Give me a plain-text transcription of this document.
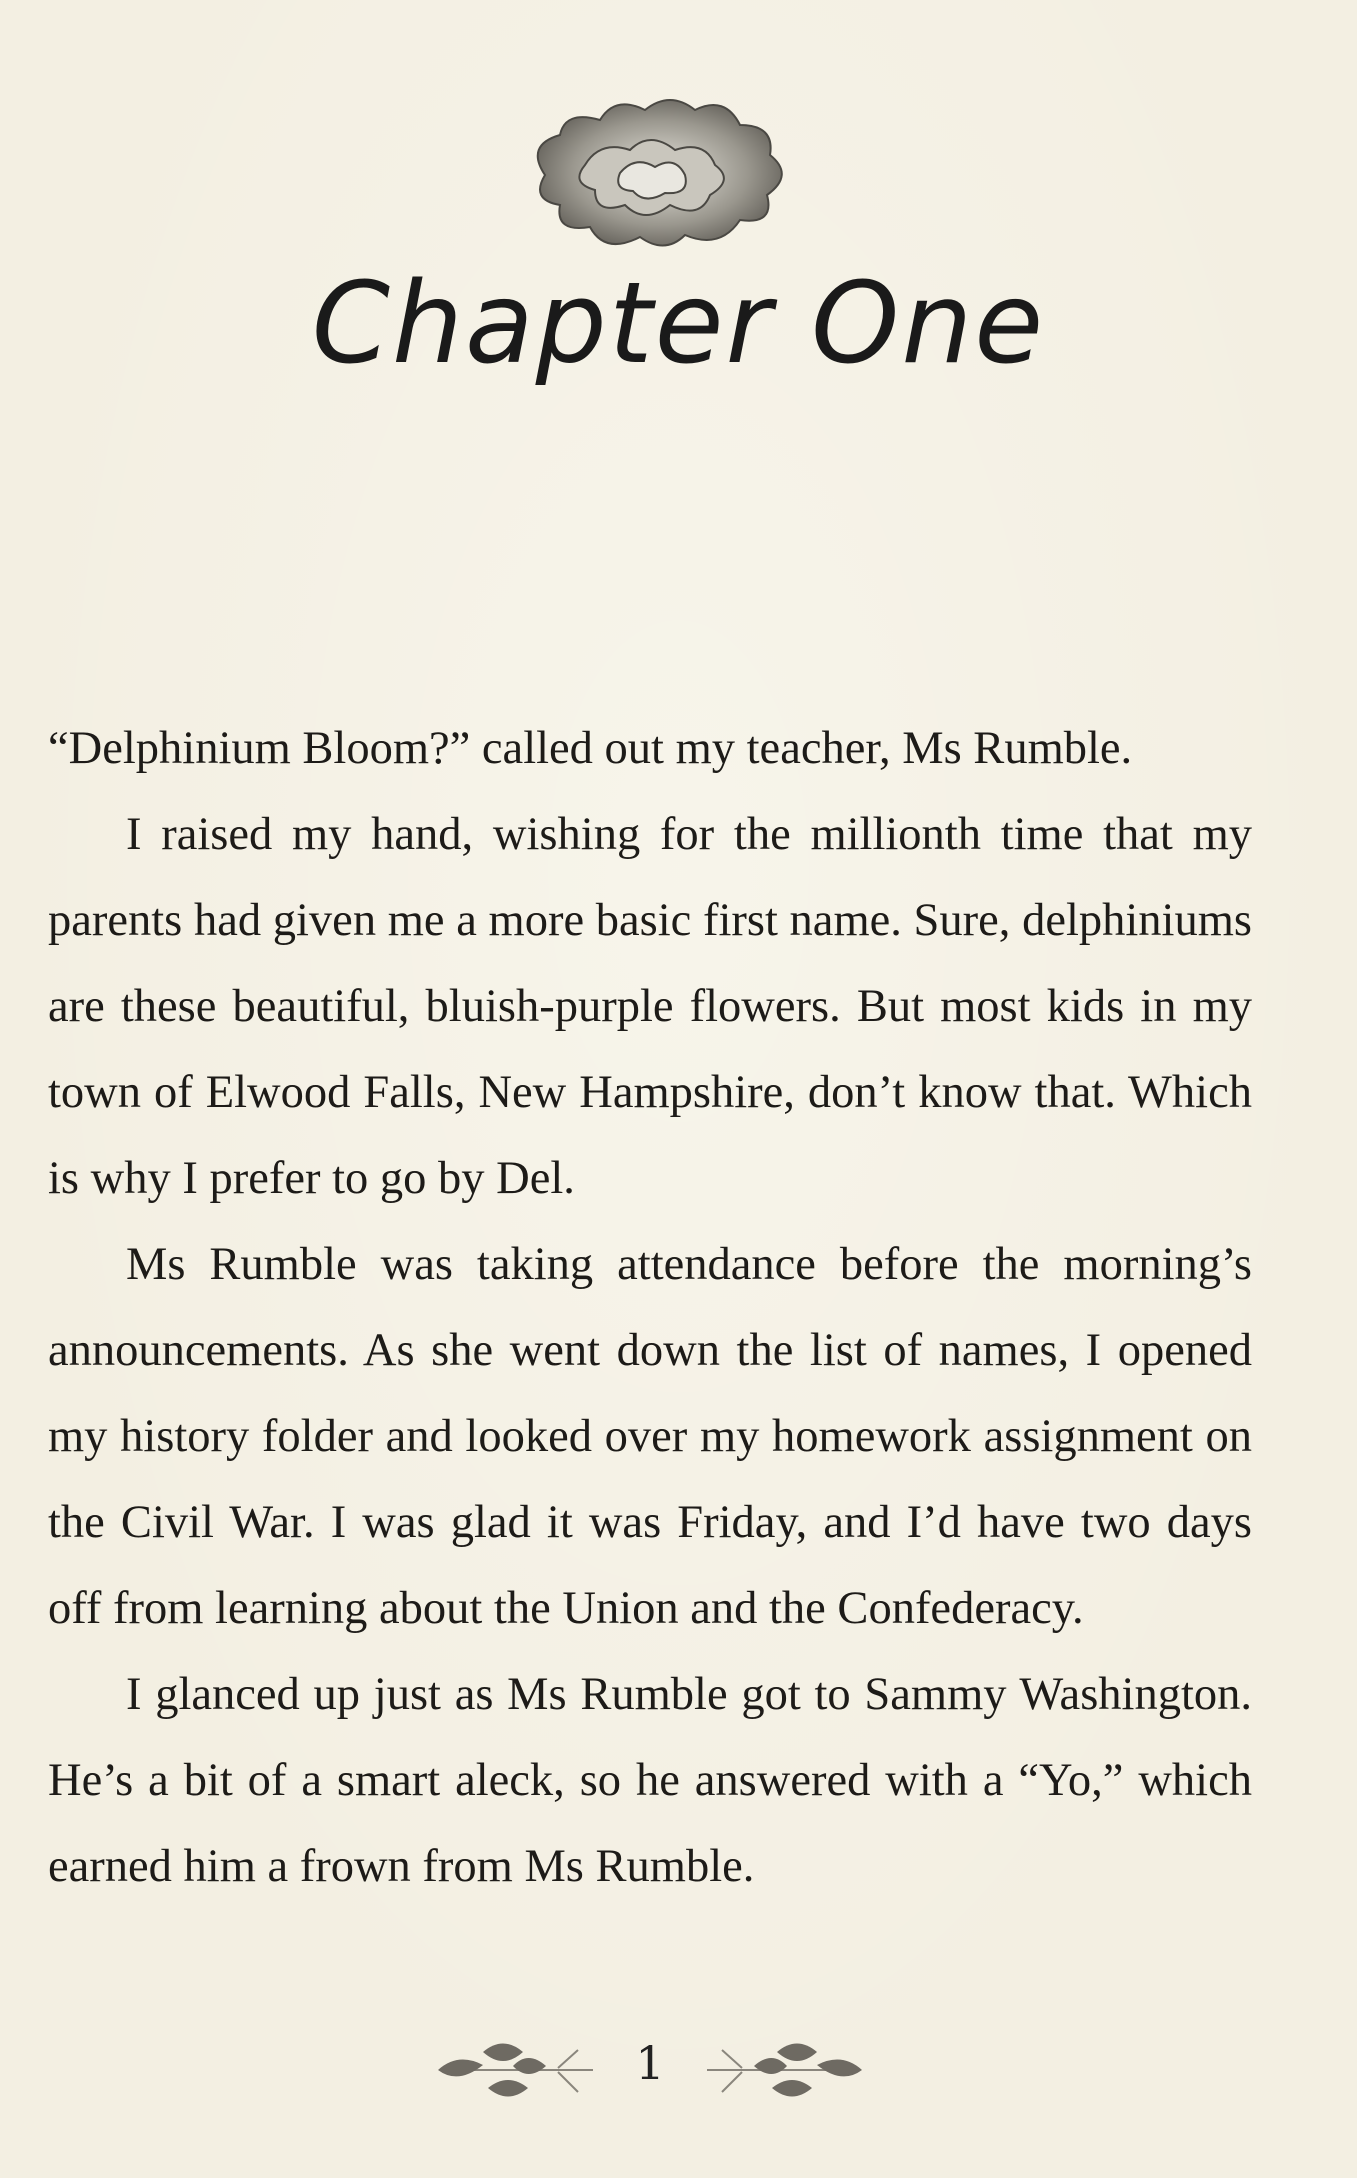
Chapter One

“Delphinium Bloom?” called out my teacher, Ms Rumble.

I raised my hand, wishing for the millionth time that my parents had given me a more basic first name. Sure, delphiniums are these beautiful, bluish-purple flowers. But most kids in my town of Elwood Falls, New Hampshire, don’t know that. Which is why I prefer to go by Del.

Ms Rumble was taking attendance before the morning’s announcements. As she went down the list of names, I opened my history folder and looked over my homework assignment on the Civil War. I was glad it was Friday, and I’d have two days off from learning about the Union and the Confederacy.

I glanced up just as Ms Rumble got to Sammy Washington. He’s a bit of a smart aleck, so he answered with a “Yo,” which earned him a frown from Ms Rumble.

1
